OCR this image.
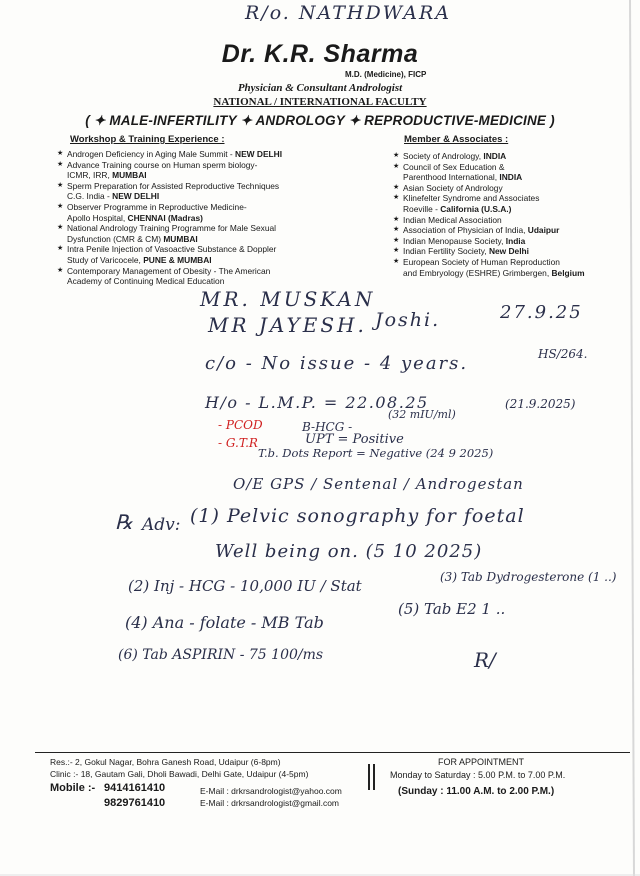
R/o. NATHDWARA
Dr. K.R. Sharma
M.D. (Medicine), FICP
Physician & Consultant Andrologist
NATIONAL / INTERNATIONAL FACULTY
( ✦ MALE-INFERTILITY ✦ ANDROLOGY ✦ REPRODUCTIVE-MEDICINE )
Workshop & Training Experience :
★ Androgen Deficiency in Aging Male Summit - NEW DELHI
★ Advance Training course on Human sperm biology-
ICMR, IRR, MUMBAI
★ Sperm Preparation for Assisted Reproductive Techniques
C.G. India - NEW DELHI
★ Observer Programme in Reproductive Medicine-
Apollo Hospital, CHENNAI (Madras)
★ National Andrology Training Programme for Male Sexual
Dysfunction (CMR & CM) MUMBAI
★ Intra Penile Injection of Vasoactive Substance & Doppler
Study of Varicocele, PUNE & MUMBAI
★ Contemporary Management of Obesity - The American
Academy of Continuing Medical Education
Member & Associates :
★ Society of Andrology, INDIA
★ Council of Sex Education &
Parenthood International, INDIA
★ Asian Society of Andrology
★ Klinefelter Syndrome and Associates
Roeville - California (U.S.A.)
★ Indian Medical Association
★ Association of Physician of India, Udaipur
★ Indian Menopause Society, India
★ Indian Fertility Society, New Delhi
★ European Society of Human Reproduction
and Embryology (ESHRE) Grimbergen, Belgium
MR. MUSKAN
MR JAYESH. Joshi.	27.9.25
c/o - No issue - 4 years.	HS/264.
H/o - L.M.P. = 22.08.25	(21.9.2025)
- PCOD	B-HCG -
(32 mIU/ml)
- G.T.R	UPT = Positive
T.b. Dots Report = Negative (24 9 2025)
O/E GPS / Sentenal / Androgestan
℞ Adv: (1) Pelvic sonography for foetal
Well being on. (5 10 2025)
(2) Inj - HCG - 10,000 IU / Stat	(3) Tab Dydrogesterone (1 ..)
(4) Ana - folate - MB Tab
(5) Tab E2 1 ..
(6) Tab ASPIRIN - 75 100/ms	R/
Res.:- 2, Gokul Nagar, Bohra Ganesh Road, Udaipur (6-8pm)
Clinic :- 18, Gautam Gali, Dholi Bawadi, Delhi Gate, Udaipur (4-5pm)
Mobile :- 9414161410
9829761410
E-Mail : drkrsandrologist@yahoo.com
E-Mail : drkrsandrologist@gmail.com
FOR APPOINTMENT
Monday to Saturday : 5.00 P.M. to 7.00 P.M.
(Sunday : 11.00 A.M. to 2.00 P.M.)
